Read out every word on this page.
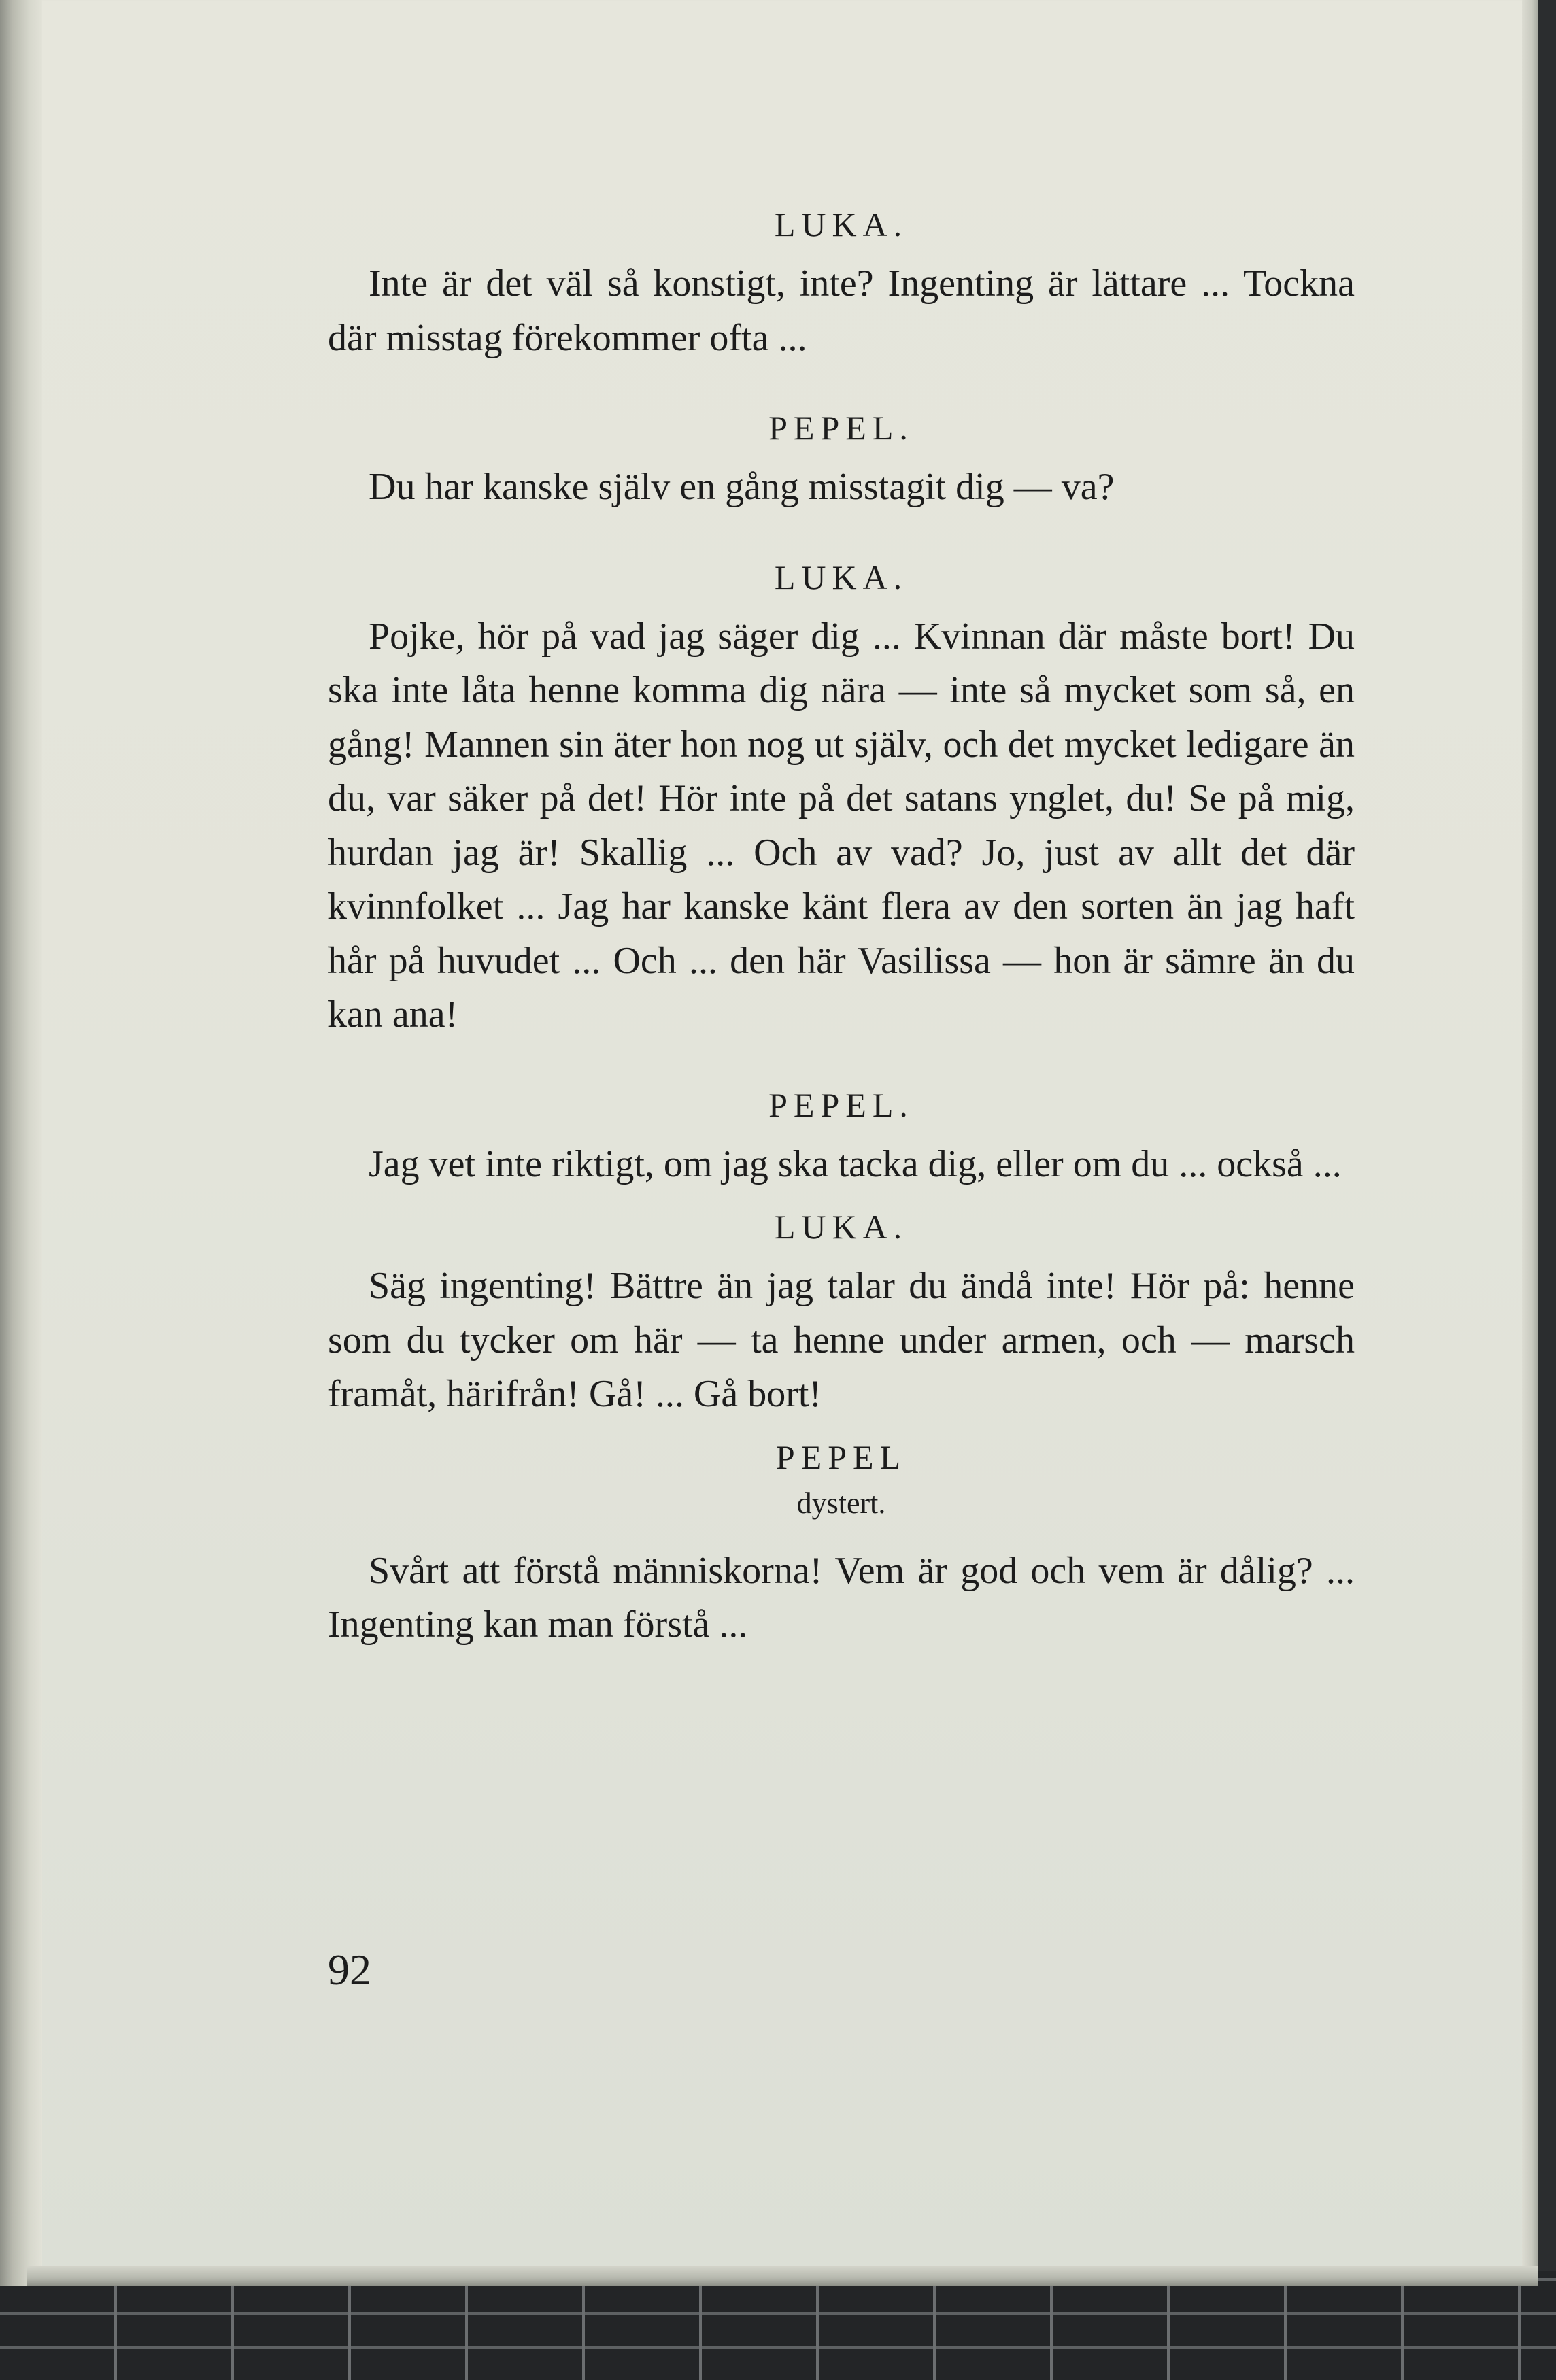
LUKA.

Inte är det väl så konstigt, inte? Ingenting är lättare ... Tockna där misstag förekommer ofta ...

PEPEL.

Du har kanske själv en gång misstagit dig — va?

LUKA.

Pojke, hör på vad jag säger dig ... Kvinnan där måste bort! Du ska inte låta henne komma dig nära — inte så mycket som så, en gång! Mannen sin äter hon nog ut själv, och det mycket ledigare än du, var säker på det! Hör inte på det satans ynglet, du! Se på mig, hurdan jag är! Skallig ... Och av vad? Jo, just av allt det där kvinnfolket ... Jag har kanske känt flera av den sorten än jag haft hår på huvudet ... Och ... den här Vasilissa — hon är sämre än du kan ana!

PEPEL.

Jag vet inte riktigt, om jag ska tacka dig, eller om du ... också ...

LUKA.

Säg ingenting! Bättre än jag talar du ändå inte! Hör på: henne som du tycker om här — ta henne under armen, och — marsch framåt, härifrån! Gå! ... Gå bort!

PEPEL
dystert.

Svårt att förstå människorna! Vem är god och vem är dålig? ... Ingenting kan man förstå ...

92
